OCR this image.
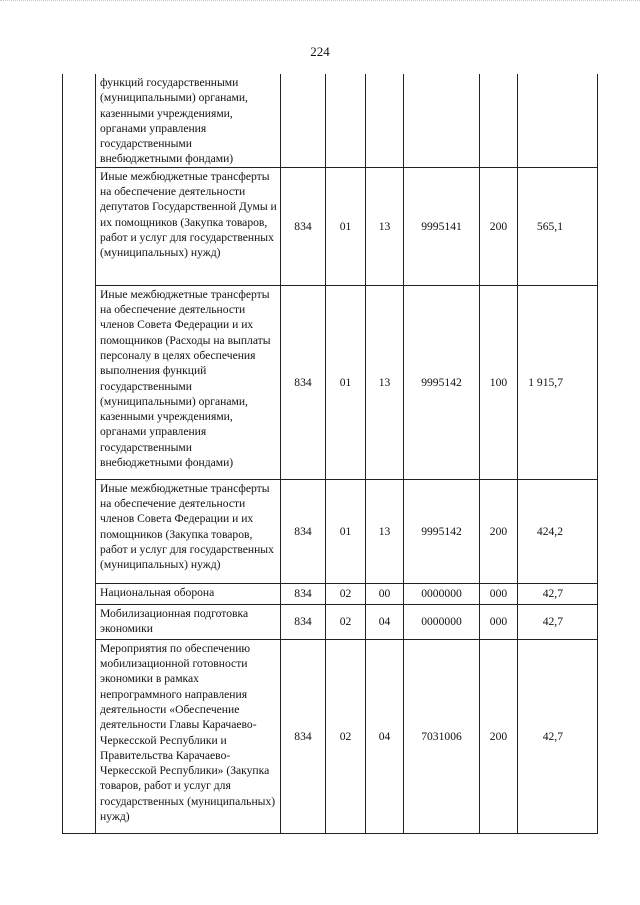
224
	функций государственными (муниципальными) органами, казенными учреждениями, органами управления государственными внебюджетными фондами)						
	Иные межбюджетные трансферты на обеспечение деятельности депутатов Государственной Думы и их помощников (Закупка товаров, работ и услуг для государственных (муниципальных) нужд)	834	01	13	9995141	200	565,1
	Иные межбюджетные трансферты на обеспечение деятельности членов Совета Федерации и их помощников (Расходы на выплаты персоналу в целях обеспечения выполнения функций государственными (муниципальными) органами, казенными учреждениями, органами управления государственными внебюджетными фондами)	834	01	13	9995142	100	1 915,7
	Иные межбюджетные трансферты на обеспечение деятельности членов Совета Федерации и их помощников (Закупка товаров, работ и услуг для государственных (муниципальных) нужд)	834	01	13	9995142	200	424,2
	Национальная оборона	834	02	00	0000000	000	42,7
	Мобилизационная подготовка экономики	834	02	04	0000000	000	42,7
	Мероприятия по обеспечению мобилизационной готовности экономики в рамках непрограммного направления деятельности «Обеспечение деятельности Главы Карачаево-Черкесской Республики и Правительства Карачаево-Черкесской Республики» (Закупка товаров, работ и услуг для государственных (муниципальных) нужд)	834	02	04	7031006	200	42,7
